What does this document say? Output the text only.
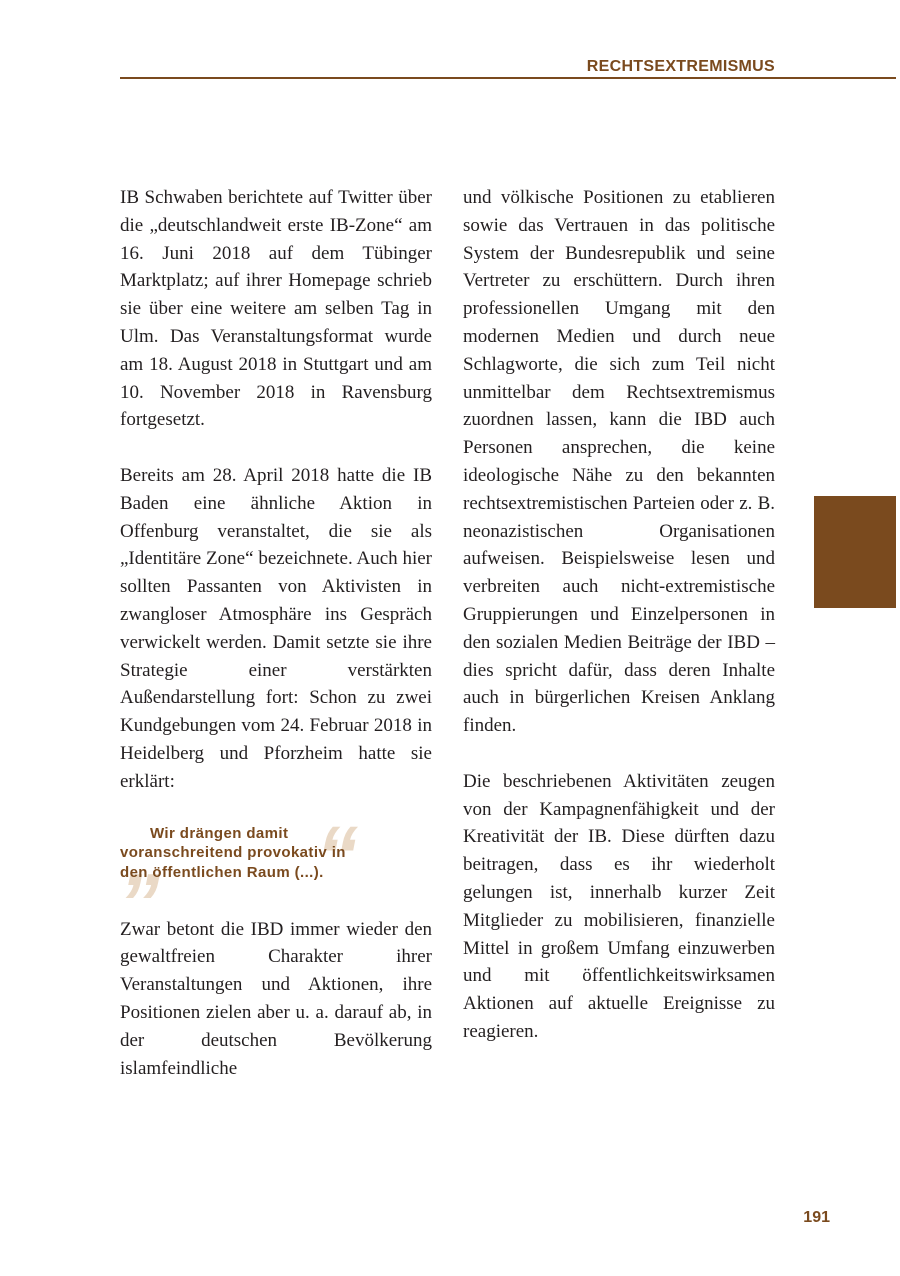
RECHTSEXTREMISMUS

IB Schwaben berichtete auf Twitter über die „deutschlandweit erste IB-Zone“ am 16. Juni 2018 auf dem Tübinger Marktplatz; auf ihrer Homepage schrieb sie über eine weitere am selben Tag in Ulm. Das Veranstaltungsformat wurde am 18. August 2018 in Stuttgart und am 10. November 2018 in Ravensburg fortgesetzt.

Bereits am 28. April 2018 hatte die IB Baden eine ähnliche Aktion in Offenburg veranstaltet, die sie als „Identitäre Zone“ bezeichnete. Auch hier sollten Passanten von Aktivisten in zwangloser Atmosphäre ins Gespräch verwickelt werden. Damit setzte sie ihre Strategie einer verstärkten Außendarstellung fort: Schon zu zwei Kundgebungen vom 24. Februar 2018 in Heidelberg und Pforzheim hatte sie erklärt:

„ “

Wir drängen damit
voranschreitend provokativ in
den öffentlichen Raum (...).

Zwar betont die IBD immer wieder den gewaltfreien Charakter ihrer Veranstaltungen und Aktionen, ihre Positionen zielen aber u. a. darauf ab, in der deutschen Bevölkerung islamfeindliche

und völkische Positionen zu etablieren sowie das Vertrauen in das politische System der Bundesrepublik und seine Vertreter zu erschüttern. Durch ihren professionellen Umgang mit den modernen Medien und durch neue Schlagworte, die sich zum Teil nicht unmittelbar dem Rechtsextremismus zuordnen lassen, kann die IBD auch Personen ansprechen, die keine ideologische Nähe zu den bekannten rechtsextremistischen Parteien oder z. B. neonazistischen Organisationen aufweisen. Beispielsweise lesen und verbreiten auch nicht-extremistische Gruppierungen und Einzelpersonen in den sozialen Medien Beiträge der IBD – dies spricht dafür, dass deren Inhalte auch in bürgerlichen Kreisen Anklang finden.

Die beschriebenen Aktivitäten zeugen von der Kampagnenfähigkeit und der Kreativität der IB. Diese dürften dazu beitragen, dass es ihr wiederholt gelungen ist, innerhalb kurzer Zeit Mitglieder zu mobilisieren, finanzielle Mittel in großem Umfang einzuwerben und mit öffentlichkeitswirksamen Aktionen auf aktuelle Ereignisse zu reagieren.

191
